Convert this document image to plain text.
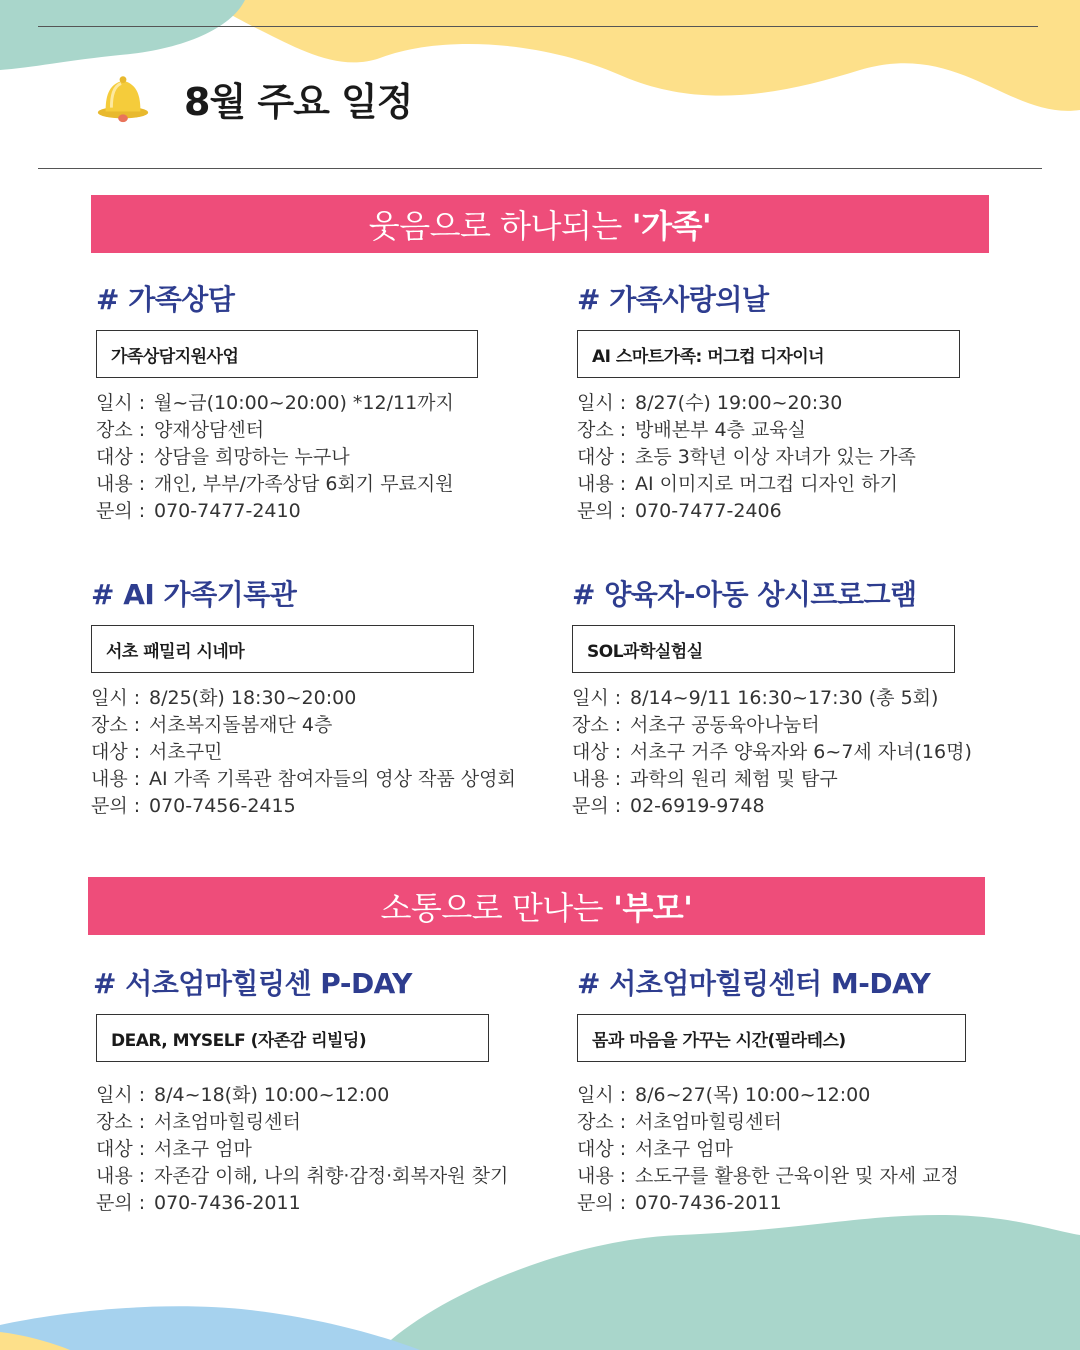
8월 주요 일정
웃음으로 하나되는 '가족'
# 가족상담
가족상담지원사업
일시 : 월~금(10:00~20:00) *12/11까지
장소 : 양재상담센터
대상 : 상담을 희망하는 누구나
내용 : 개인, 부부/가족상담 6회기 무료지원
문의 : 070-7477-2410
# 가족사랑의날
AI 스마트가족: 머그컵 디자이너
일시 : 8/27(수) 19:00~20:30
장소 : 방배본부 4층 교육실
대상 : 초등 3학년 이상 자녀가 있는 가족
내용 : AI 이미지로 머그컵 디자인 하기
문의 : 070-7477-2406
# AI 가족기록관
서초 패밀리 시네마
일시 : 8/25(화) 18:30~20:00
장소 : 서초복지돌봄재단 4층
대상 : 서초구민
내용 : AI 가족 기록관 참여자들의 영상 작품 상영회
문의 : 070-7456-2415
# 양육자-아동 상시프로그램
SOL과학실험실
일시 : 8/14~9/11 16:30~17:30 (총 5회)
장소 : 서초구 공동육아나눔터
대상 : 서초구 거주 양육자와 6~7세 자녀(16명)
내용 : 과학의 원리 체험 및 탐구
문의 : 02-6919-9748
소통으로 만나는 '부모'
# 서초엄마힐링센 P-DAY
DEAR, MYSELF (자존감 리빌딩)
일시 : 8/4~18(화) 10:00~12:00
장소 : 서초엄마힐링센터
대상 : 서초구 엄마
내용 : 자존감 이해, 나의 취향·감정·회복자원 찾기
문의 : 070-7436-2011
# 서초엄마힐링센터 M-DAY
몸과 마음을 가꾸는 시간(필라테스)
일시 : 8/6~27(목) 10:00~12:00
장소 : 서초엄마힐링센터
대상 : 서초구 엄마
내용 : 소도구를 활용한 근육이완 및 자세 교정
문의 : 070-7436-2011
